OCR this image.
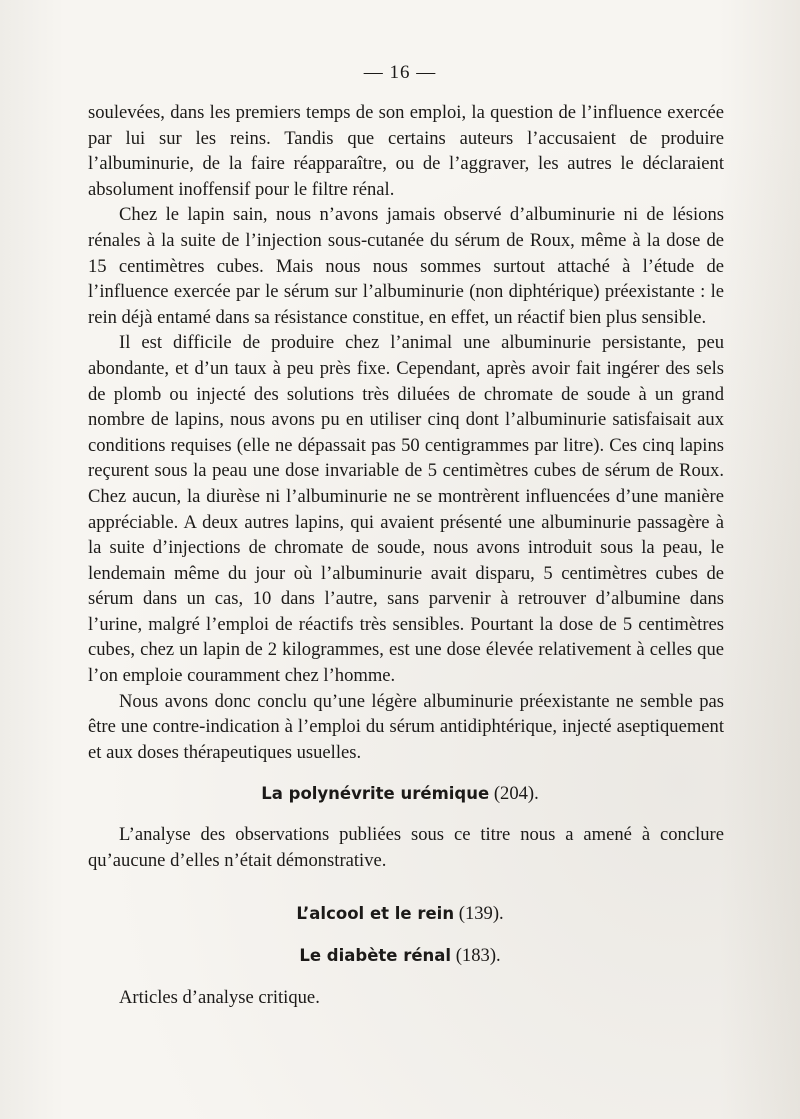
— 16 —

soulevées, dans les premiers temps de son emploi, la question de l’influence exercée par lui sur les reins. Tandis que certains auteurs l’accusaient de produire l’albuminurie, de la faire réapparaître, ou de l’aggraver, les autres le déclaraient absolument inoffensif pour le filtre rénal.

Chez le lapin sain, nous n’avons jamais observé d’albuminurie ni de lésions rénales à la suite de l’injection sous-cutanée du sérum de Roux, même à la dose de 15 centimètres cubes. Mais nous nous sommes surtout attaché à l’étude de l’influence exercée par le sérum sur l’albuminurie (non diphtérique) préexistante : le rein déjà entamé dans sa résistance constitue, en effet, un réactif bien plus sensible.

Il est difficile de produire chez l’animal une albuminurie persistante, peu abondante, et d’un taux à peu près fixe. Cependant, après avoir fait ingérer des sels de plomb ou injecté des solutions très diluées de chromate de soude à un grand nombre de lapins, nous avons pu en utiliser cinq dont l’albuminurie satisfaisait aux conditions requises (elle ne dépassait pas 50 centigrammes par litre). Ces cinq lapins reçurent sous la peau une dose invariable de 5 centimètres cubes de sérum de Roux. Chez aucun, la diurèse ni l’albuminurie ne se montrèrent influencées d’une manière appréciable. A deux autres lapins, qui avaient présenté une albuminurie passagère à la suite d’injections de chromate de soude, nous avons introduit sous la peau, le lendemain même du jour où l’albuminurie avait disparu, 5 centimètres cubes de sérum dans un cas, 10 dans l’autre, sans parvenir à retrouver d’albumine dans l’urine, malgré l’emploi de réactifs très sensibles. Pourtant la dose de 5 centimètres cubes, chez un lapin de 2 kilogrammes, est une dose élevée relativement à celles que l’on emploie couramment chez l’homme.

Nous avons donc conclu qu’une légère albuminurie préexistante ne semble pas être une contre-indication à l’emploi du sérum antidiphtérique, injecté aseptiquement et aux doses thérapeutiques usuelles.

La polynévrite urémique (204).

L’analyse des observations publiées sous ce titre nous a amené à conclure qu’aucune d’elles n’était démonstrative.

L’alcool et le rein (139).
Le diabète rénal (183).

Articles d’analyse critique.
